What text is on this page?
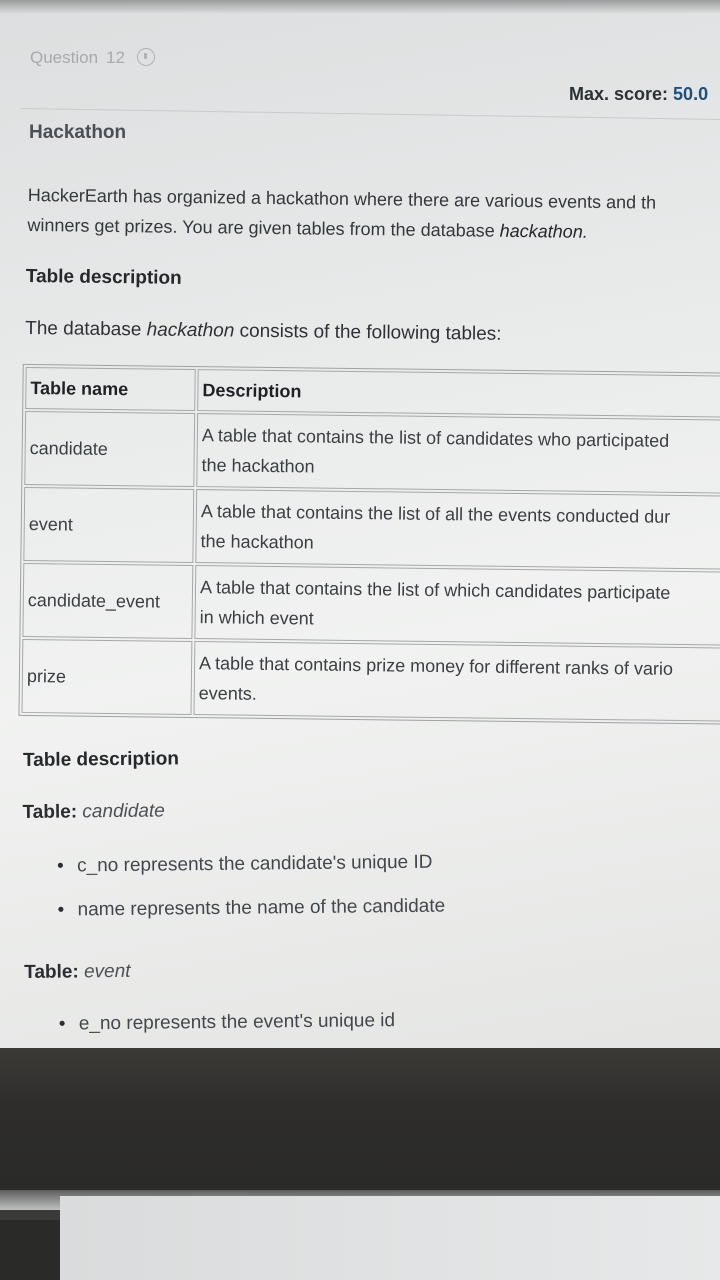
Question 12
Max. score: 50.0
Hackathon
HackerEarth has organized a hackathon where there are various events and th
winners get prizes. You are given tables from the database hackathon.
Table description
The database hackathon consists of the following tables:
Table name	Description
candidate	A table that contains the list of candidates who participated
the hackathon

event	A table that contains the list of all the events conducted dur
the hackathon

candidate_event	A table that contains the list of which candidates participate
in which event

prize	A table that contains prize money for different ranks of vario
events.
Table description
Table: candidate
• c_no represents the candidate's unique ID
• name represents the name of the candidate
Table: event
• e_no represents the event's unique id
